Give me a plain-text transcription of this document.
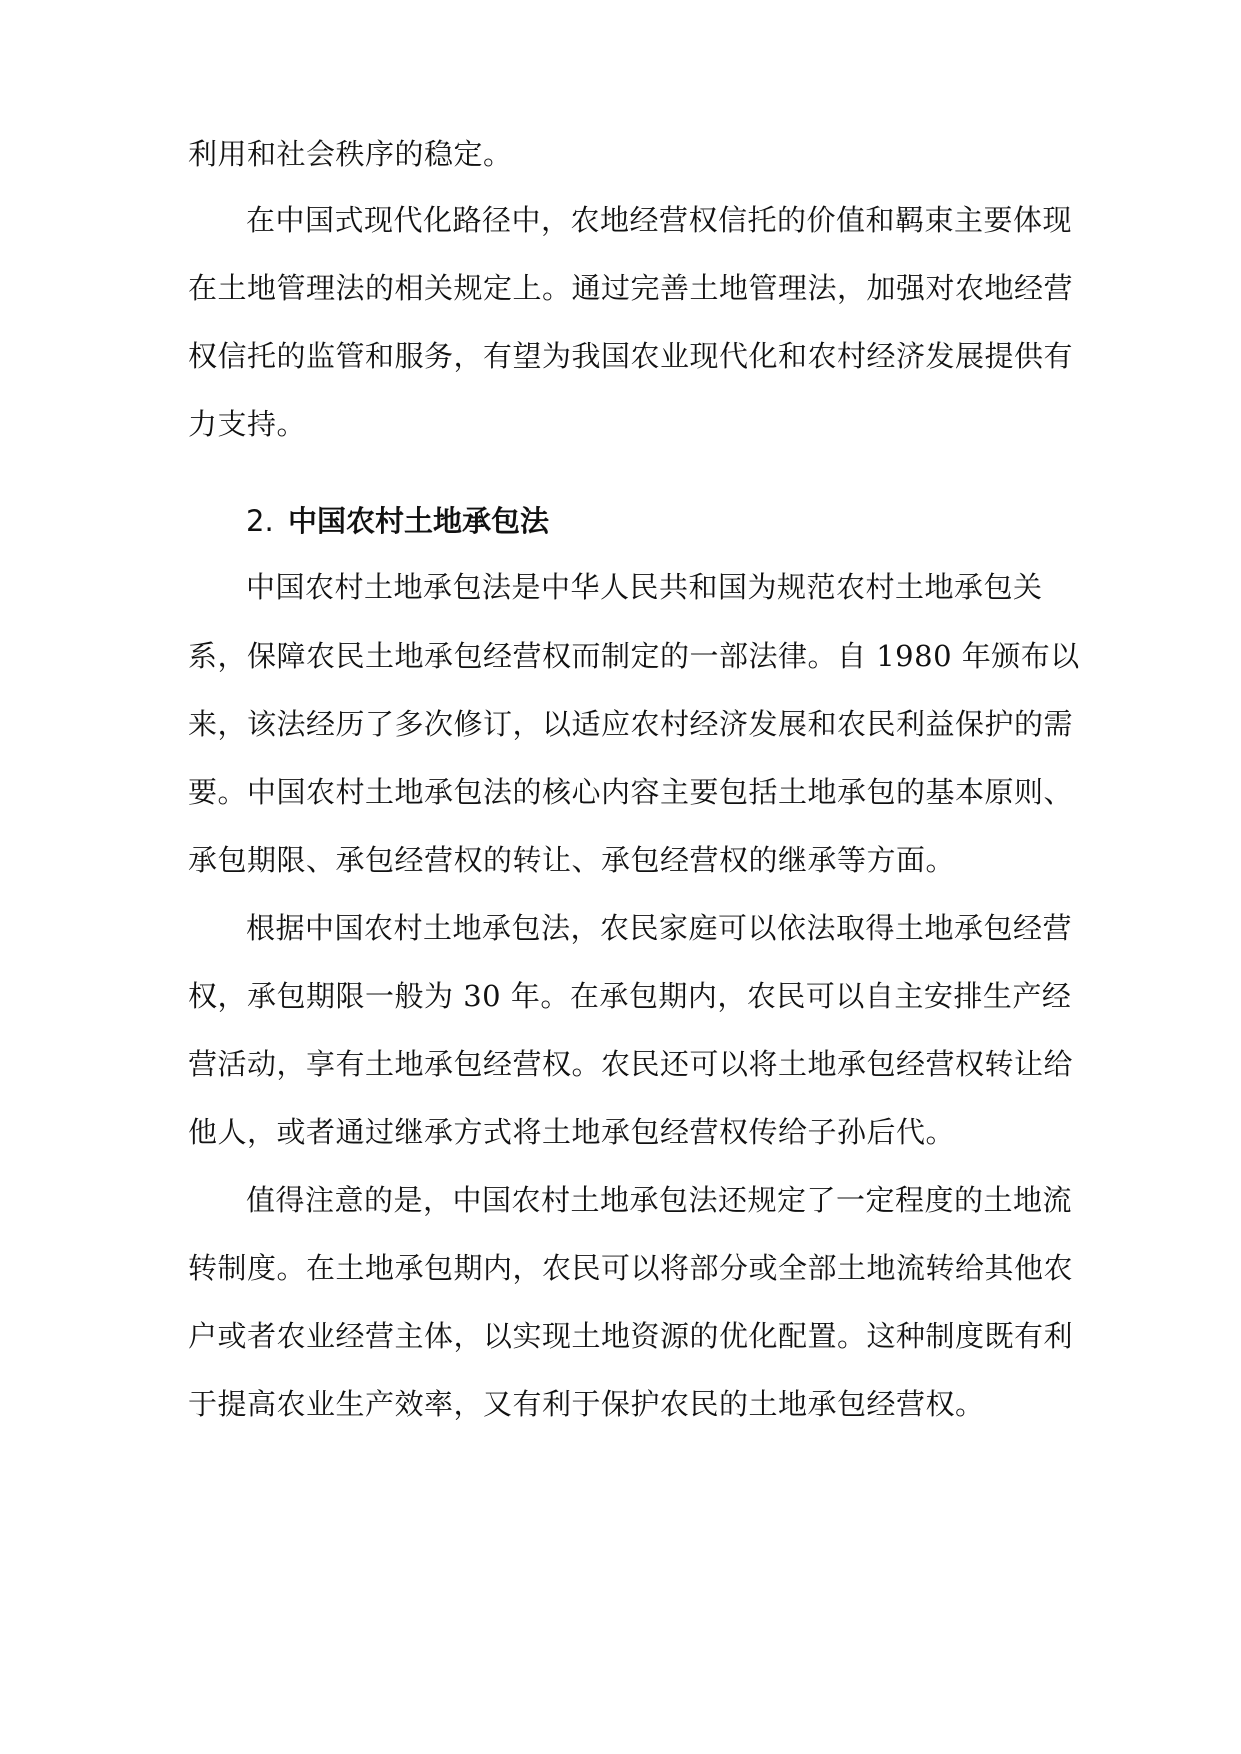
利用和社会秩序的稳定。
在中国式现代化路径中，农地经营权信托的价值和羁束主要体现
在土地管理法的相关规定上。通过完善土地管理法，加强对农地经营
权信托的监管和服务，有望为我国农业现代化和农村经济发展提供有
力支持。
2. 中国农村土地承包法
中国农村土地承包法是中华人民共和国为规范农村土地承包关
系，保障农民土地承包经营权而制定的一部法律。自 1980 年颁布以
来，该法经历了多次修订，以适应农村经济发展和农民利益保护的需
要。中国农村土地承包法的核心内容主要包括土地承包的基本原则、
承包期限、承包经营权的转让、承包经营权的继承等方面。
根据中国农村土地承包法，农民家庭可以依法取得土地承包经营
权，承包期限一般为 30 年。在承包期内，农民可以自主安排生产经
营活动，享有土地承包经营权。农民还可以将土地承包经营权转让给
他人，或者通过继承方式将土地承包经营权传给子孙后代。
值得注意的是，中国农村土地承包法还规定了一定程度的土地流
转制度。在土地承包期内，农民可以将部分或全部土地流转给其他农
户或者农业经营主体，以实现土地资源的优化配置。这种制度既有利
于提高农业生产效率，又有利于保护农民的土地承包经营权。
